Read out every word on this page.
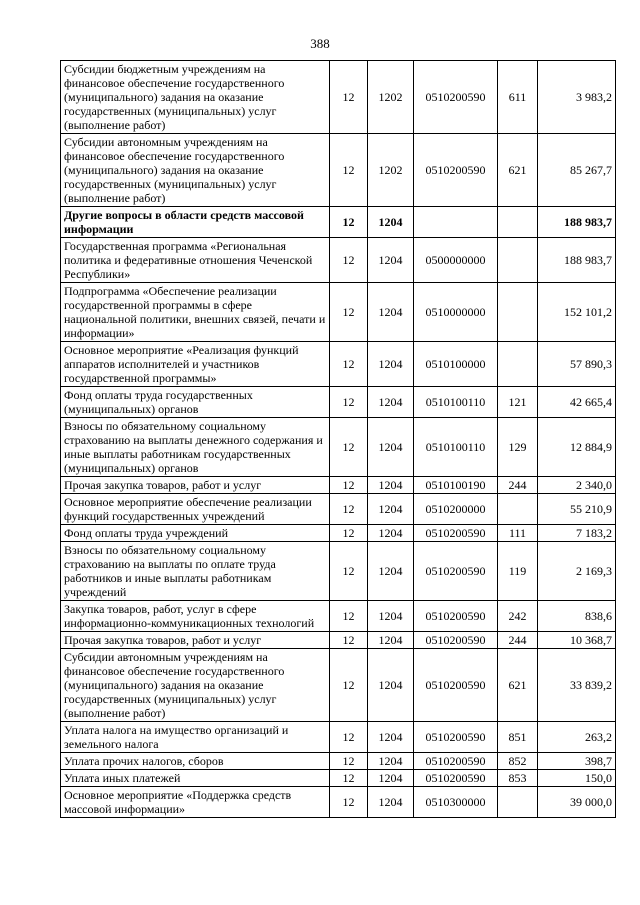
388
Субсидии бюджетным учреждениям на финансовое обеспечение государственного (муниципального) задания на оказание государственных (муниципальных) услуг (выполнение работ)	12	1202	0510200590	611	3 983,2
Субсидии автономным учреждениям на финансовое обеспечение государственного (муниципального) задания на оказание государственных (муниципальных) услуг (выполнение работ)	12	1202	0510200590	621	85 267,7
Другие вопросы в области средств массовой информации	12	1204			188 983,7
Государственная программа «Региональная политика и федеративные отношения Чеченской Республики»	12	1204	0500000000		188 983,7
Подпрограмма «Обеспечение реализации государственной программы в сфере национальной политики, внешних связей, печати и информации»	12	1204	0510000000		152 101,2
Основное мероприятие «Реализация функций аппаратов исполнителей и участников государственной программы»	12	1204	0510100000		57 890,3
Фонд оплаты труда государственных (муниципальных) органов	12	1204	0510100110	121	42 665,4
Взносы по обязательному социальному страхованию на выплаты денежного содержания и иные выплаты работникам государственных (муниципальных) органов	12	1204	0510100110	129	12 884,9
Прочая закупка товаров, работ и услуг	12	1204	0510100190	244	2 340,0
Основное мероприятие обеспечение реализации функций государственных учреждений	12	1204	0510200000		55 210,9
Фонд оплаты труда учреждений	12	1204	0510200590	111	7 183,2
Взносы по обязательному социальному страхованию на выплаты по оплате труда работников и иные выплаты работникам учреждений	12	1204	0510200590	119	2 169,3
Закупка товаров, работ, услуг в сфере информационно-коммуникационных технологий	12	1204	0510200590	242	838,6
Прочая закупка товаров, работ и услуг	12	1204	0510200590	244	10 368,7
Субсидии автономным учреждениям на финансовое обеспечение государственного (муниципального) задания на оказание государственных (муниципальных) услуг (выполнение работ)	12	1204	0510200590	621	33 839,2
Уплата налога на имущество организаций и земельного налога	12	1204	0510200590	851	263,2
Уплата прочих налогов, сборов	12	1204	0510200590	852	398,7
Уплата иных платежей	12	1204	0510200590	853	150,0
Основное мероприятие «Поддержка средств массовой информации»	12	1204	0510300000		39 000,0
